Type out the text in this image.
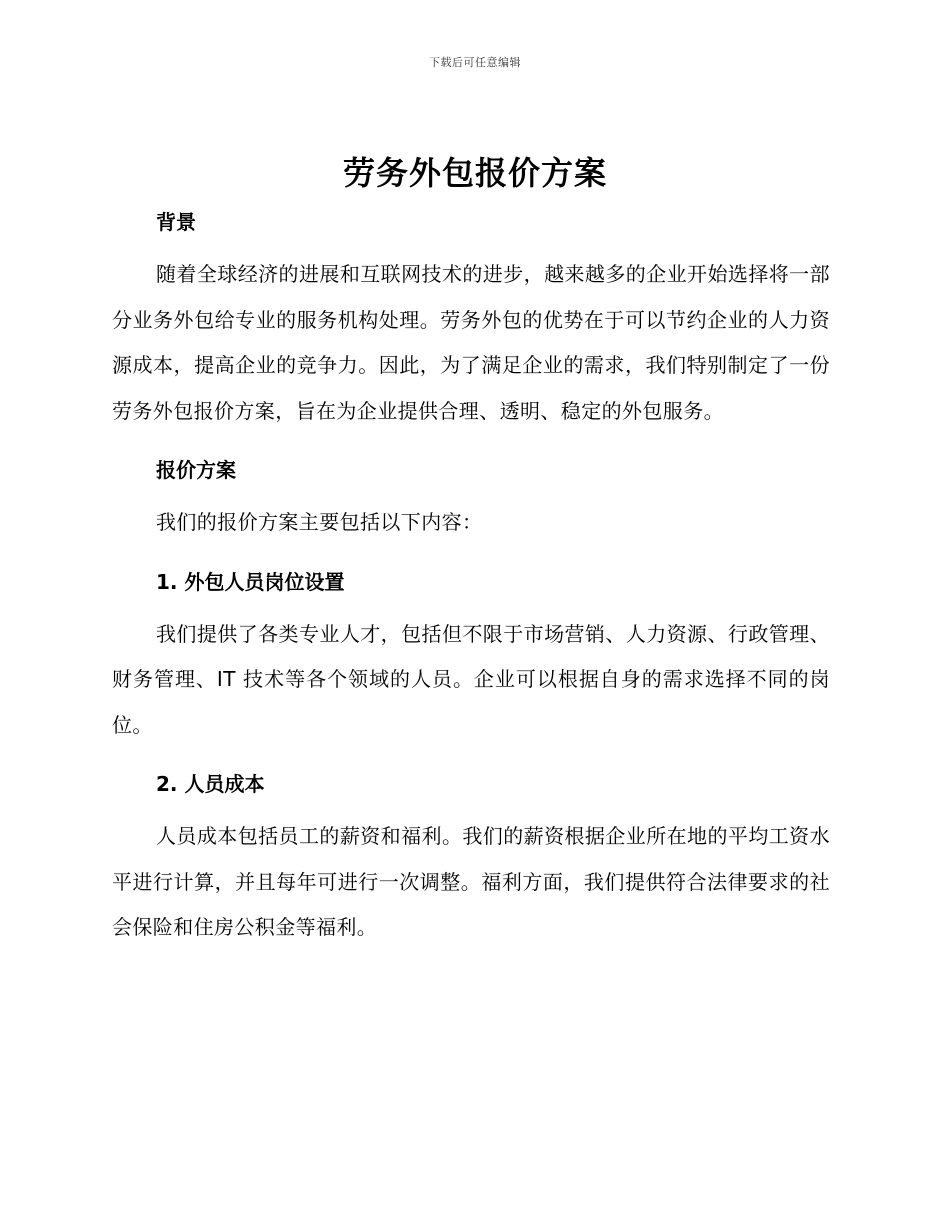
下载后可任意编辑
劳务外包报价方案
背景

随着全球经济的进展和互联网技术的进步，越来越多的企业开始选择将一部分业务外包给专业的服务机构处理。劳务外包的优势在于可以节约企业的人力资源成本，提高企业的竞争力。因此，为了满足企业的需求，我们特别制定了一份劳务外包报价方案，旨在为企业提供合理、透明、稳定的外包服务。

报价方案

我们的报价方案主要包括以下内容：

1. 外包人员岗位设置

我们提供了各类专业人才，包括但不限于市场营销、人力资源、行政管理、财务管理、IT 技术等各个领域的人员。企业可以根据自身的需求选择不同的岗位。

2. 人员成本

人员成本包括员工的薪资和福利。我们的薪资根据企业所在地的平均工资水平进行计算，并且每年可进行一次调整。福利方面，我们提供符合法律要求的社会保险和住房公积金等福利。
